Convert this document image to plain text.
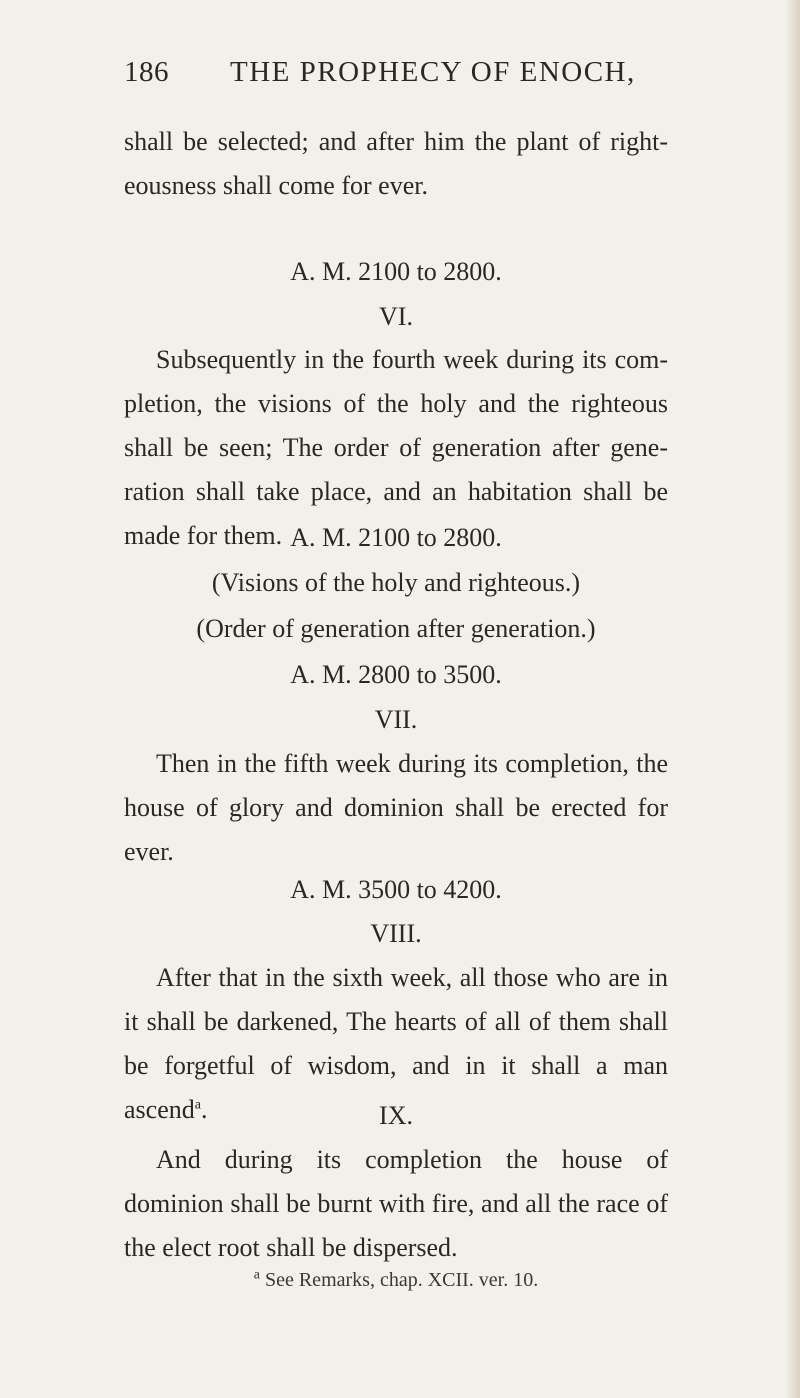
186 THE PROPHECY OF ENOCH,
shall be selected; and after him the plant of right-eousness shall come for ever.
A. M. 2100 to 2800.
VI.
Subsequently in the fourth week during its com-pletion, the visions of the holy and the righteous shall be seen; The order of generation after gene-ration shall take place, and an habitation shall be made for them. A. M. 2100 to 2800.
(Visions of the holy and righteous.)
(Order of generation after generation.)
A. M. 2800 to 3500.
VII.
Then in the fifth week during its completion, the house of glory and dominion shall be erected for ever.
A. M. 3500 to 4200.
VIII.
After that in the sixth week, all those who are in it shall be darkened, The hearts of all of them shall be forgetful of wisdom, and in it shall a man ascend$^a$.	IX.
And during its completion the house of dominion shall be burnt with fire, and all the race of the elect root shall be dispersed.
$^a$ See Remarks, chap. XCII. ver. 10.
